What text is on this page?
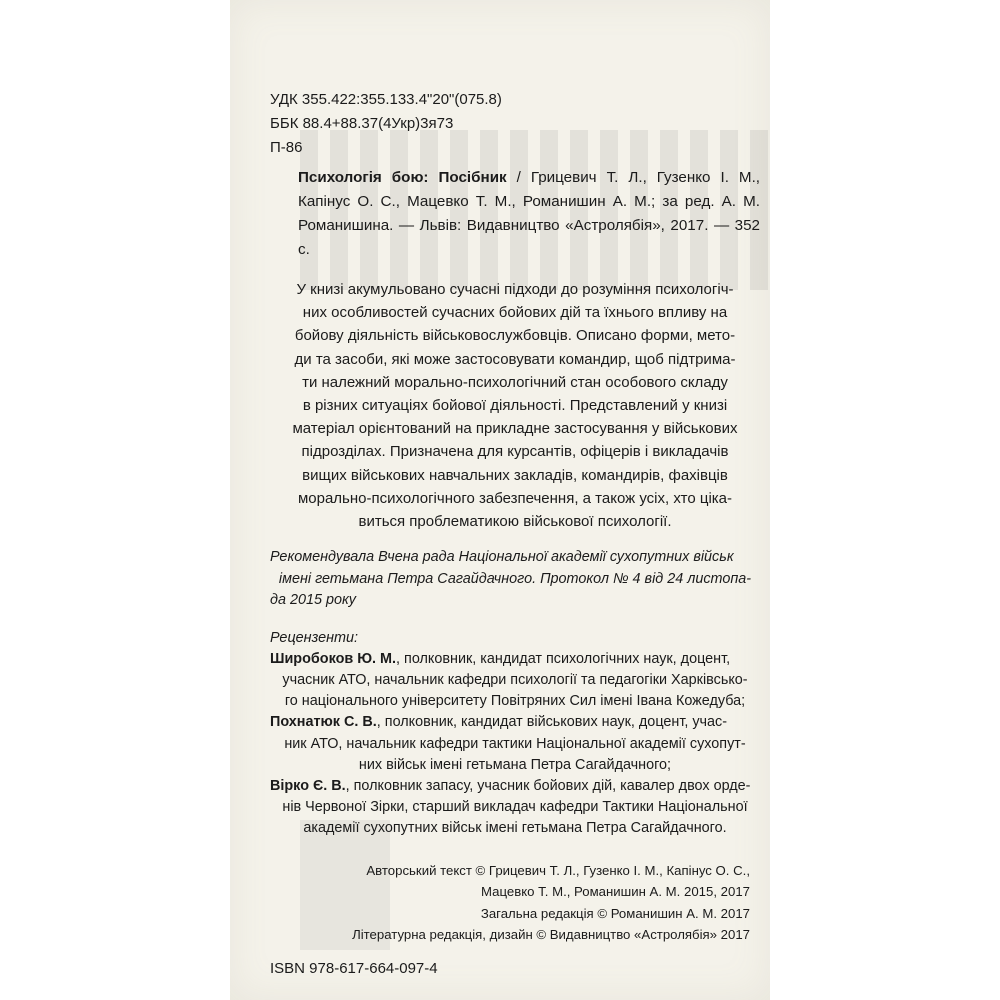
УДК 355.422:355.133.4"20"(075.8)
ББК 88.4+88.37(4Укр)3я73
П-86
Психологія бою: Посібник / Грицевич Т. Л., Гузенко І. М., Капінус О. С., Мацевко Т. М., Романишин А. М.; за ред. А. М. Романишина. — Львів: Видавництво «Астролябія», 2017. — 352 с.
У книзі акумульовано сучасні підходи до розуміння психологіч-
них особливостей сучасних бойових дій та їхнього впливу на
бойову діяльність військовослужбовців. Описано форми, мето-
ди та засоби, які може застосовувати командир, щоб підтрима-
ти належний морально-психологічний стан особового складу
в різних ситуаціях бойової діяльності. Представлений у книзі
матеріал орієнтований на прикладне застосування у військових
підрозділах. Призначена для курсантів, офіцерів і викладачів
вищих військових навчальних закладів, командирів, фахівців
морально-психологічного забезпечення, а також усіх, хто ціка-
виться проблематикою військової психології.
Рекомендувала Вчена рада Національної академії сухопутних військ
імені гетьмана Петра Сагайдачного. Протокол № 4 від 24 листопа-
да 2015 року
Рецензенти:
Широбоков Ю. М., полковник, кандидат психологічних наук, доцент,
учасник АТО, начальник кафедри психології та педагогіки Харківсько-
го національного університету Повітряних Сил імені Івана Кожедуба;
Похнатюк С. В., полковник, кандидат військових наук, доцент, учас-
ник АТО, начальник кафедри тактики Національної академії сухопут-
них військ імені гетьмана Петра Сагайдачного;
Вірко Є. В., полковник запасу, учасник бойових дій, кавалер двох орде-
нів Червоної Зірки, старший викладач кафедри Тактики Національної
академії сухопутних військ імені гетьмана Петра Сагайдачного.
Авторський текст © Грицевич Т. Л., Гузенко І. М., Капінус О. С.,
Мацевко Т. М., Романишин А. М. 2015, 2017
Загальна редакція © Романишин А. М. 2017
Літературна редакція, дизайн © Видавництво «Астролябія» 2017
ISBN 978-617-664-097-4
